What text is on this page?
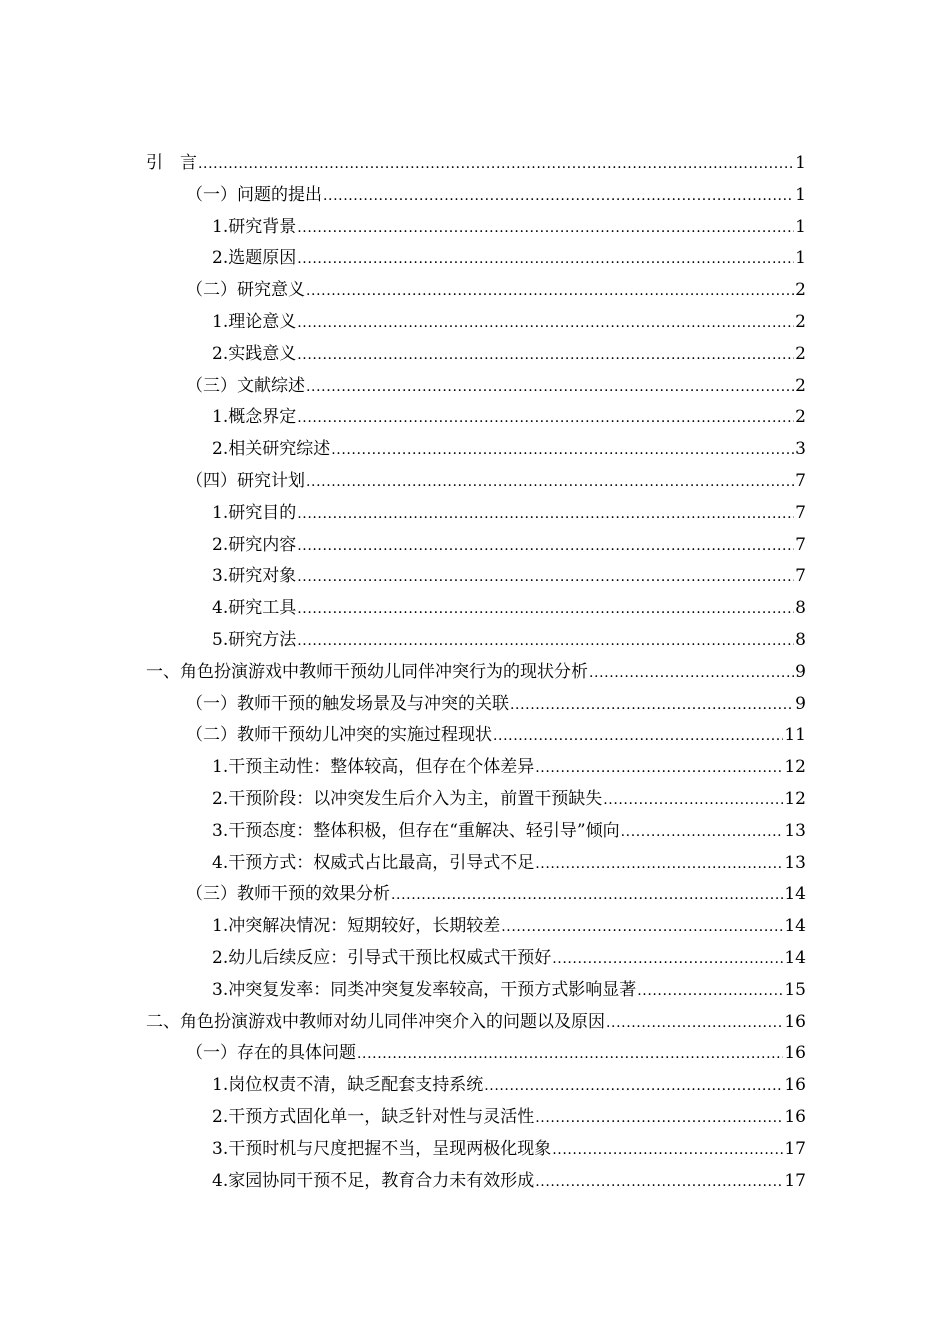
引　言 .....	1
（一）问题的提出 .....	1
1.研究背景 .....	1
2.选题原因 .....	1
（二）研究意义 .....	2
1.理论意义 .....	2
2.实践意义 .....	2
（三）文献综述 .....	2
1.概念界定 .....	2
2.相关研究综述 .....	3
（四）研究计划 .....	7
1.研究目的 .....	7
2.研究内容 .....	7
3.研究对象 .....	7
4.研究工具 .....	8
5.研究方法 .....	8
一、角色扮演游戏中教师干预幼儿同伴冲突行为的现状分析 .....	9
（一）教师干预的触发场景及与冲突的关联 .....	9
（二）教师干预幼儿冲突的实施过程现状 .....	11
1.干预主动性：整体较高，但存在个体差异 .....	12
2.干预阶段：以冲突发生后介入为主，前置干预缺失 .....	12
3.干预态度：整体积极，但存在“重解决、轻引导”倾向 .....	13
4.干预方式：权威式占比最高，引导式不足 .....	13
（三）教师干预的效果分析 .....	14
1.冲突解决情况：短期较好，长期较差 .....	14
2.幼儿后续反应：引导式干预比权威式干预好 .....	14
3.冲突复发率：同类冲突复发率较高，干预方式影响显著 .....	15
二、角色扮演游戏中教师对幼儿同伴冲突介入的问题以及原因 .....	16
（一）存在的具体问题 .....	16
1.岗位权责不清，缺乏配套支持系统 .....	16
2.干预方式固化单一，缺乏针对性与灵活性 .....	16
3.干预时机与尺度把握不当，呈现两极化现象 .....	17
4.家园协同干预不足，教育合力未有效形成 .....	17
